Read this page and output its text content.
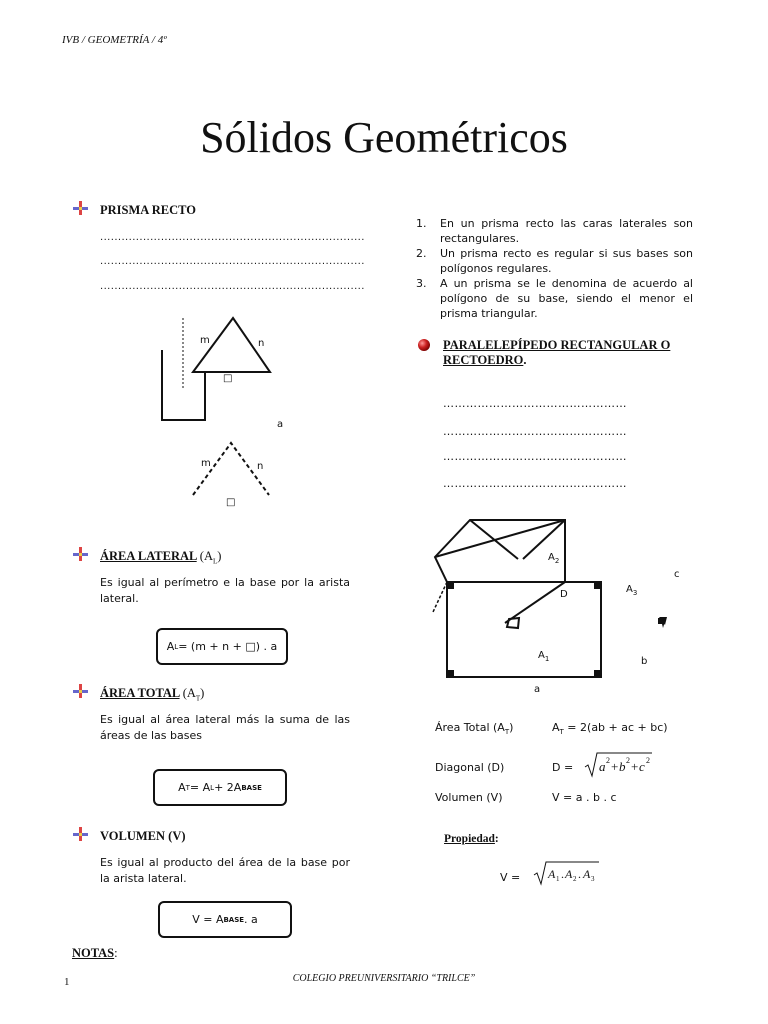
IVB / GEOMETRÍA / 4º
Sólidos Geométricos
PRISMA RECTO
..........................................................................
..........................................................................
..........................................................................
m	n
□
a
m	n
□
ÁREA LATERAL $(A_L)$
Es igual al perímetro e la base por la arista lateral.
A L = (m + n + □) . a
ÁREA TOTAL $(A_T)$
Es igual al área lateral más la suma de las áreas de las bases
A T = A L + 2A BASE
VOLUMEN (V)
Es igual al producto del área de la base por la arista lateral.
V = A BASE . a
NOTAS:
1. En un prisma recto las caras laterales son rectangulares.
2. Un prisma recto es regular si sus bases son polígonos regulares.
3. A un prisma se le denomina de acuerdo al polígono de su base, siendo el menor el prisma triangular.
PARALELEPÍPEDO RECTANGULAR O
RECTOEDRO.
…………………………………………
…………………………………………
…………………………………………
…………………………………………
$A_2$
D	$A_3$
c
$A_1$	b
a
Área Total $(A_T)$	$A_T = 2(ab$ + ac + bc)
Diagonal (D)	D = a 2 + b 2 + c 2
Volumen (V)	V = a . b . c
Propiedad:
V = A 1 . A 2 . A 3
1	COLEGIO PREUNIVERSITARIO “TRILCE”
